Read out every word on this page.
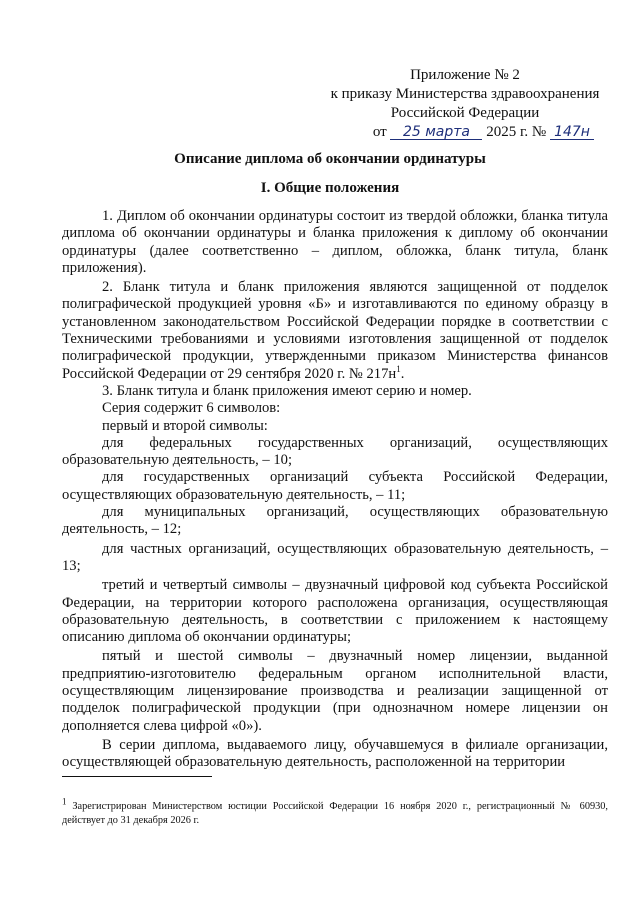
Приложение № 2
к приказу Министерства здравоохранения
Российской Федерации
от 25 марта 2025 г. № 147н
Описание диплома об окончании ординатуры
I. Общие положения

1. Диплом об окончании ординатуры состоит из твердой обложки, бланка титула диплома об окончании ординатуры и бланка приложения к диплому об окончании ординатуры (далее соответственно – диплом, обложка, бланк титула, бланк приложения).

2. Бланк титула и бланк приложения являются защищенной от подделок полиграфической продукцией уровня «Б» и изготавливаются по единому образцу в установленном законодательством Российской Федерации порядке в соответствии с Техническими требованиями и условиями изготовления защищенной от подделок полиграфической продукции, утвержденными приказом Министерства финансов Российской Федерации от 29 сентября 2020 г. № $217н^1$.

3. Бланк титула и бланк приложения имеют серию и номер.

Серия содержит 6 символов:

первый и второй символы:

для федеральных государственных организаций, осуществляющих образовательную деятельность, – 10;

для государственных организаций субъекта Российской Федерации, осуществляющих образовательную деятельность, – 11;

для муниципальных организаций, осуществляющих образовательную деятельность, – 12;

для частных организаций, осуществляющих образовательную деятельность, – 13;

третий и четвертый символы – двузначный цифровой код субъекта Российской Федерации, на территории которого расположена организация, осуществляющая образовательную деятельность, в соответствии с приложением к настоящему описанию диплома об окончании ординатуры;

пятый и шестой символы – двузначный номер лицензии, выданной предприятию-изготовителю федеральным органом исполнительной власти, осуществляющим лицензирование производства и реализации защищенной от подделок полиграфической продукции (при однозначном номере лицензии он дополняется слева цифрой «0»).

В серии диплома, выдаваемого лицу, обучавшемуся в филиале организации, осуществляющей образовательную деятельность, расположенной на территории

$^1$ Зарегистрирован Министерством юстиции Российской Федерации 16 ноября 2020 г., регистрационный № 60930, действует до 31 декабря 2026 г.
